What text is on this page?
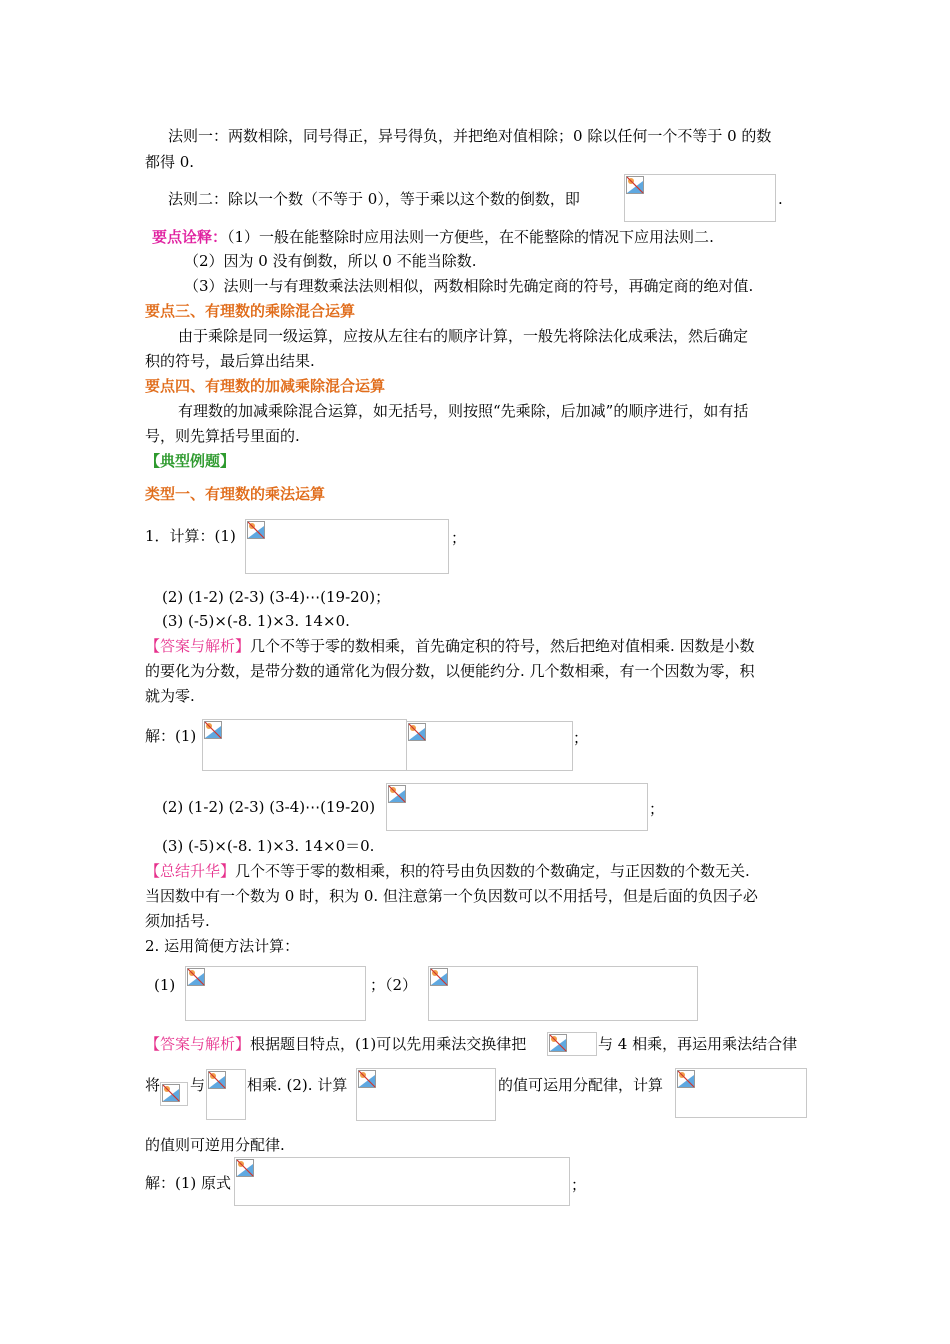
法则一：两数相除，同号得正，异号得负，并把绝对值相除；0 除以任何一个不等于 0 的数
都得 0.
法则二：除以一个数（不等于 0），等于乘以这个数的倒数，即	.
要点诠释：（1）一般在能整除时应用法则一方便些，在不能整除的情况下应用法则二.
（2）因为 0 没有倒数，所以 0 不能当除数.
（3）法则一与有理数乘法法则相似，两数相除时先确定商的符号，再确定商的绝对值.
要点三、有理数的乘除混合运算
由于乘除是同一级运算，应按从左往右的顺序计算，一般先将除法化成乘法，然后确定
积的符号，最后算出结果.
要点四、有理数的加减乘除混合运算
有理数的加减乘除混合运算，如无括号，则按照“先乘除，后加减”的顺序进行，如有括
号，则先算括号里面的.
【典型例题】
类型一、有理数的乘法运算
1．计算：(1)	；
(2) (1-2) (2-3) (3-4)⋯(19-20)；
(3) (-5)×(-8. 1)×3. 14×0.
【答案与解析】几个不等于零的数相乘，首先确定积的符号，然后把绝对值相乘. 因数是小数
的要化为分数，是带分数的通常化为假分数，以便能约分. 几个数相乘，有一个因数为零，积
就为零.
解：(1)	；
(2) (1-2) (2-3) (3-4)⋯(19-20)	；
(3) (-5)×(-8. 1)×3. 14×0＝0.
【总结升华】几个不等于零的数相乘，积的符号由负因数的个数确定，与正因数的个数无关.
当因数中有一个数为 0 时，积为 0. 但注意第一个负因数可以不用括号，但是后面的负因子必
须加括号.
2. 运用简便方法计算：
(1)	；（2）
【答案与解析】根据题目特点，(1)可以先用乘法交换律把	与 4 相乘，再运用乘法结合律
将 与	相乘. (2). 计算	的值可运用分配律，计算
的值则可逆用分配律.
解：(1) 原式	；
